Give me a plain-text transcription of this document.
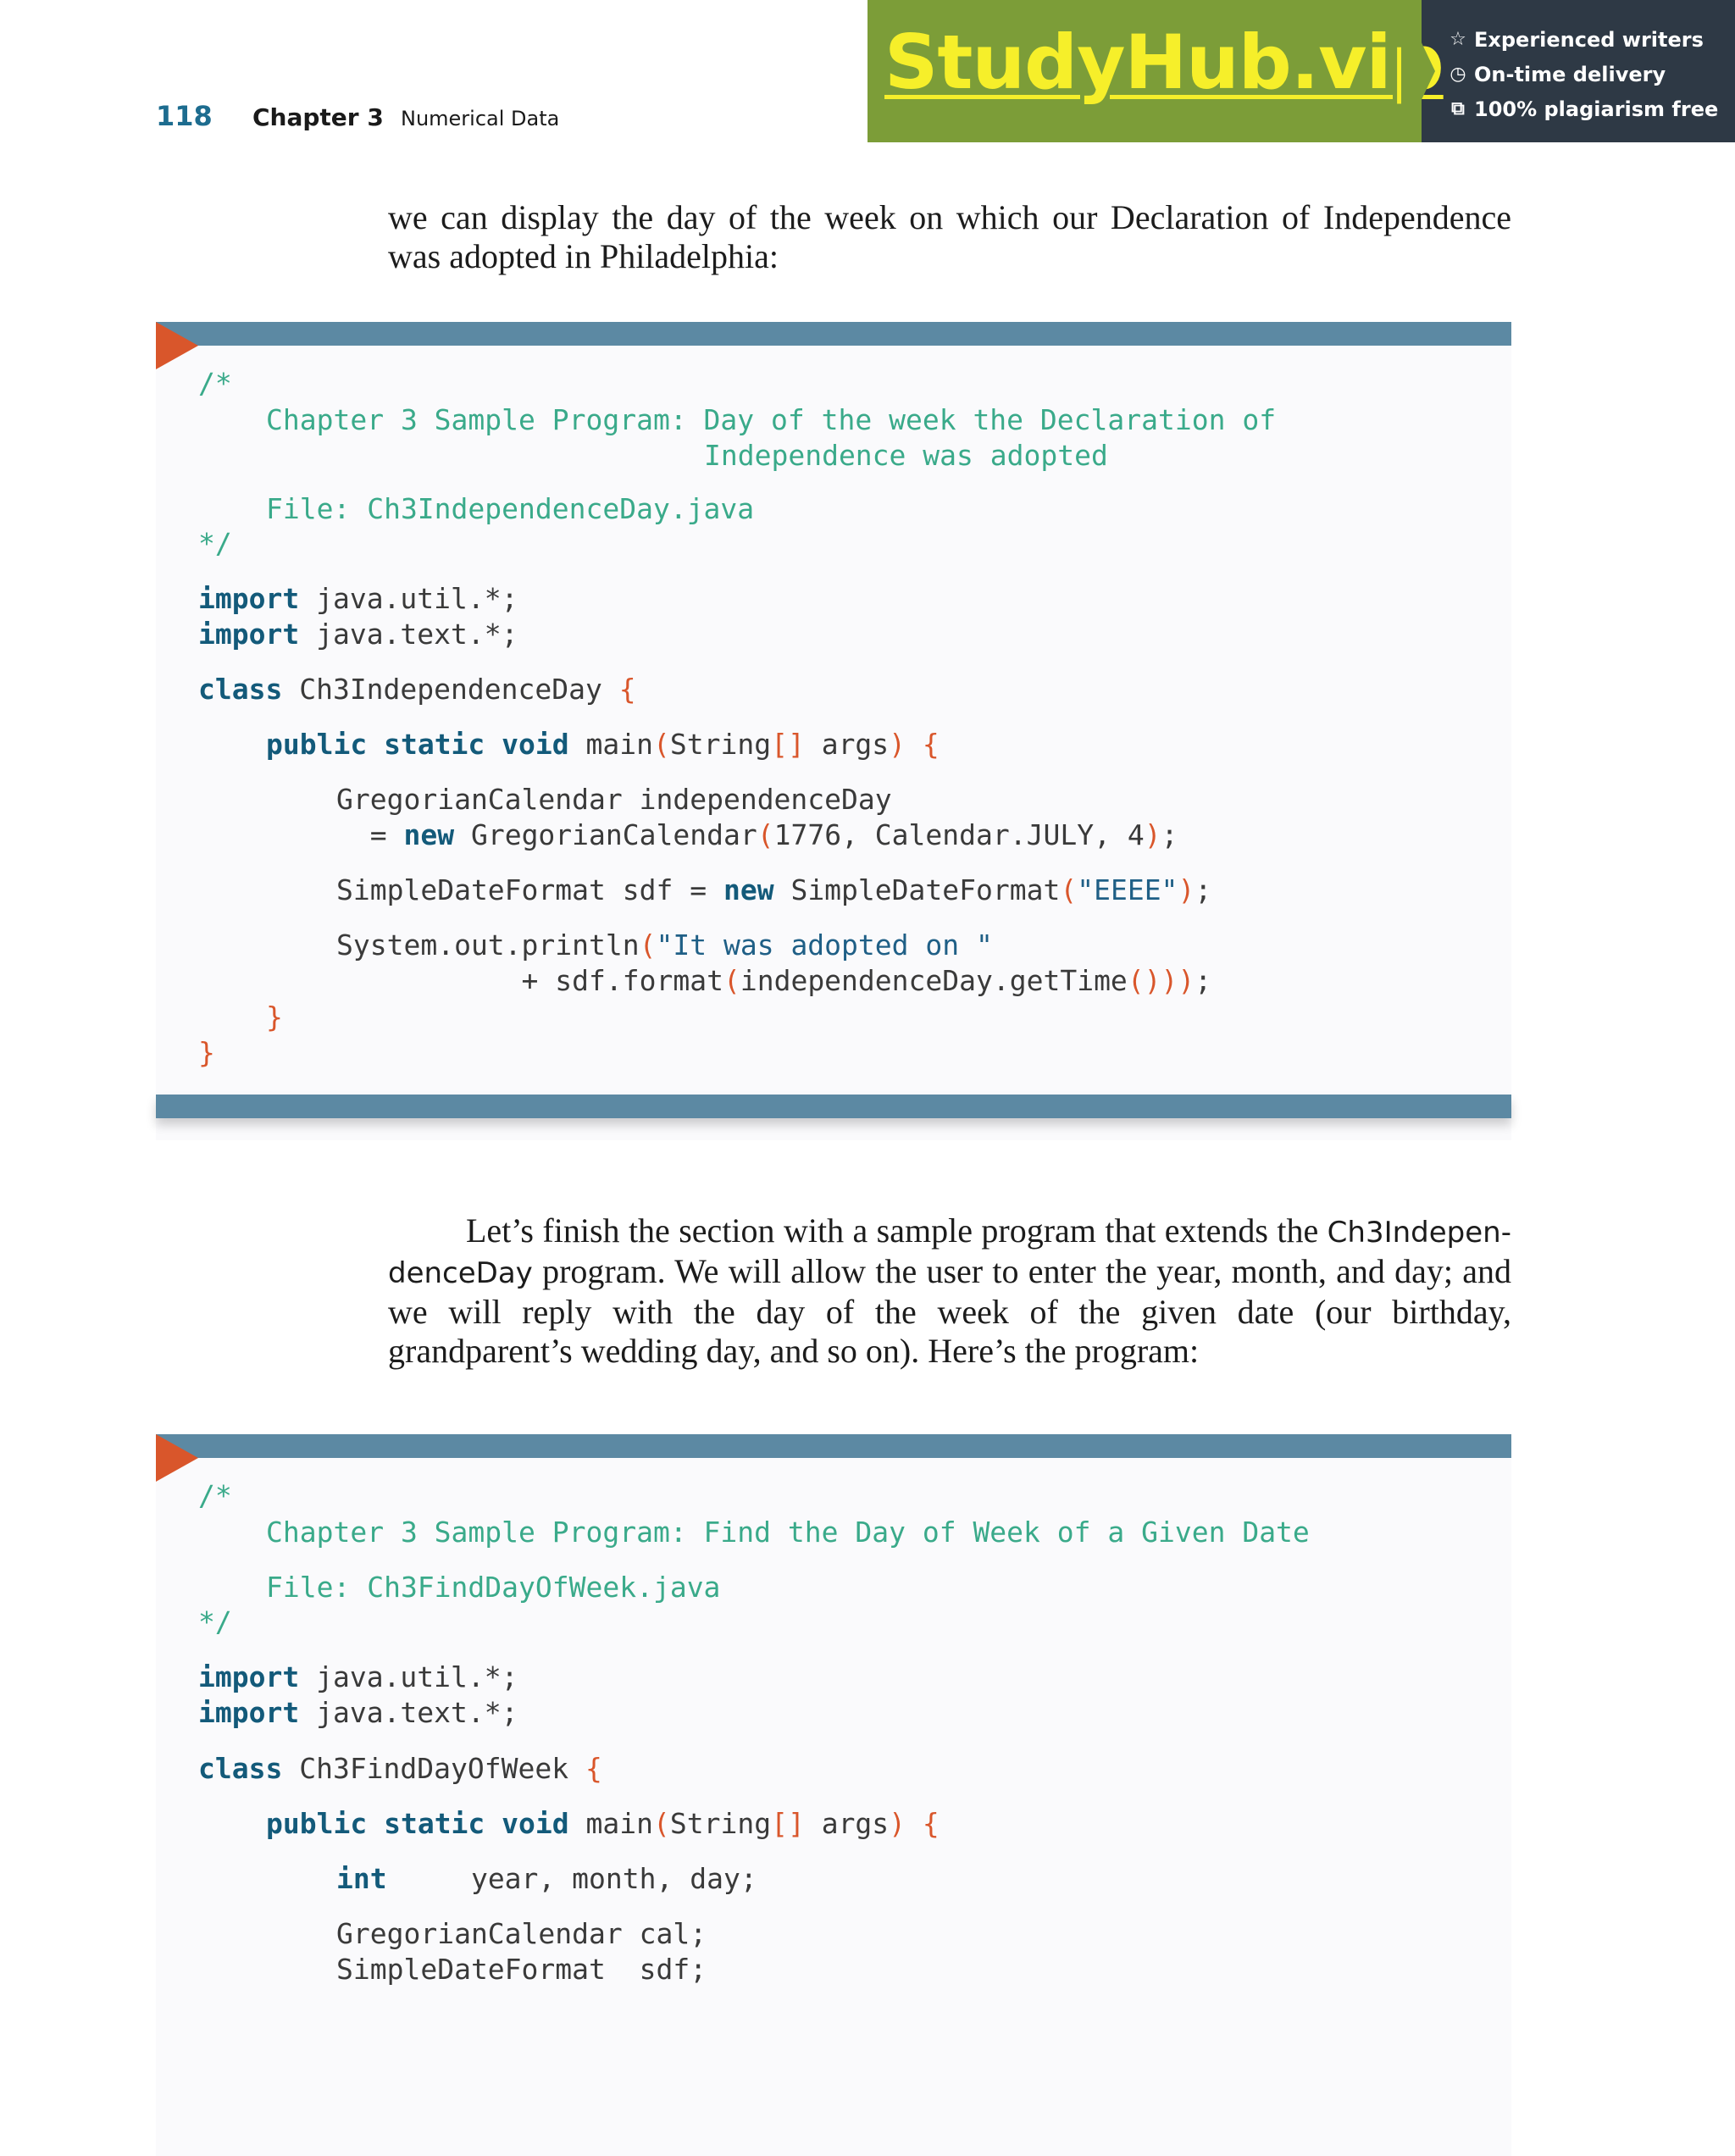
118 Chapter 3 Numerical Data
StudyHub.vip ☆ Experienced writers
◷ On-time delivery
⧉ 100% plagiarism free

we can display the day of the week on which our Declaration of Independence was adopted in Philadelphia:

/*
Chapter 3 Sample Program: Day of the week the Declaration of
Independence was adopted
File: Ch3IndependenceDay.java
*/
import java.util.*;
import java.text.*;
class Ch3IndependenceDay {
public static void main(String[] args) {
GregorianCalendar independenceDay
= new GregorianCalendar(1776, Calendar.JULY, 4);
SimpleDateFormat sdf = new SimpleDateFormat("EEEE");
System.out.println("It was adopted on "
+ sdf.format(independenceDay.getTime()));
}
}

Let’s finish the section with a sample program that extends the Ch3Indepen-denceDay program. We will allow the user to enter the year, month, and day; and we will reply with the day of the week of the given date (our birthday, grandparent’s wedding day, and so on). Here’s the program:

/*
Chapter 3 Sample Program: Find the Day of Week of a Given Date
File: Ch3FindDayOfWeek.java
*/
import java.util.*;
import java.text.*;
class Ch3FindDayOfWeek {
public static void main(String[] args) {
int     year, month, day;
GregorianCalendar cal;
SimpleDateFormat  sdf;
